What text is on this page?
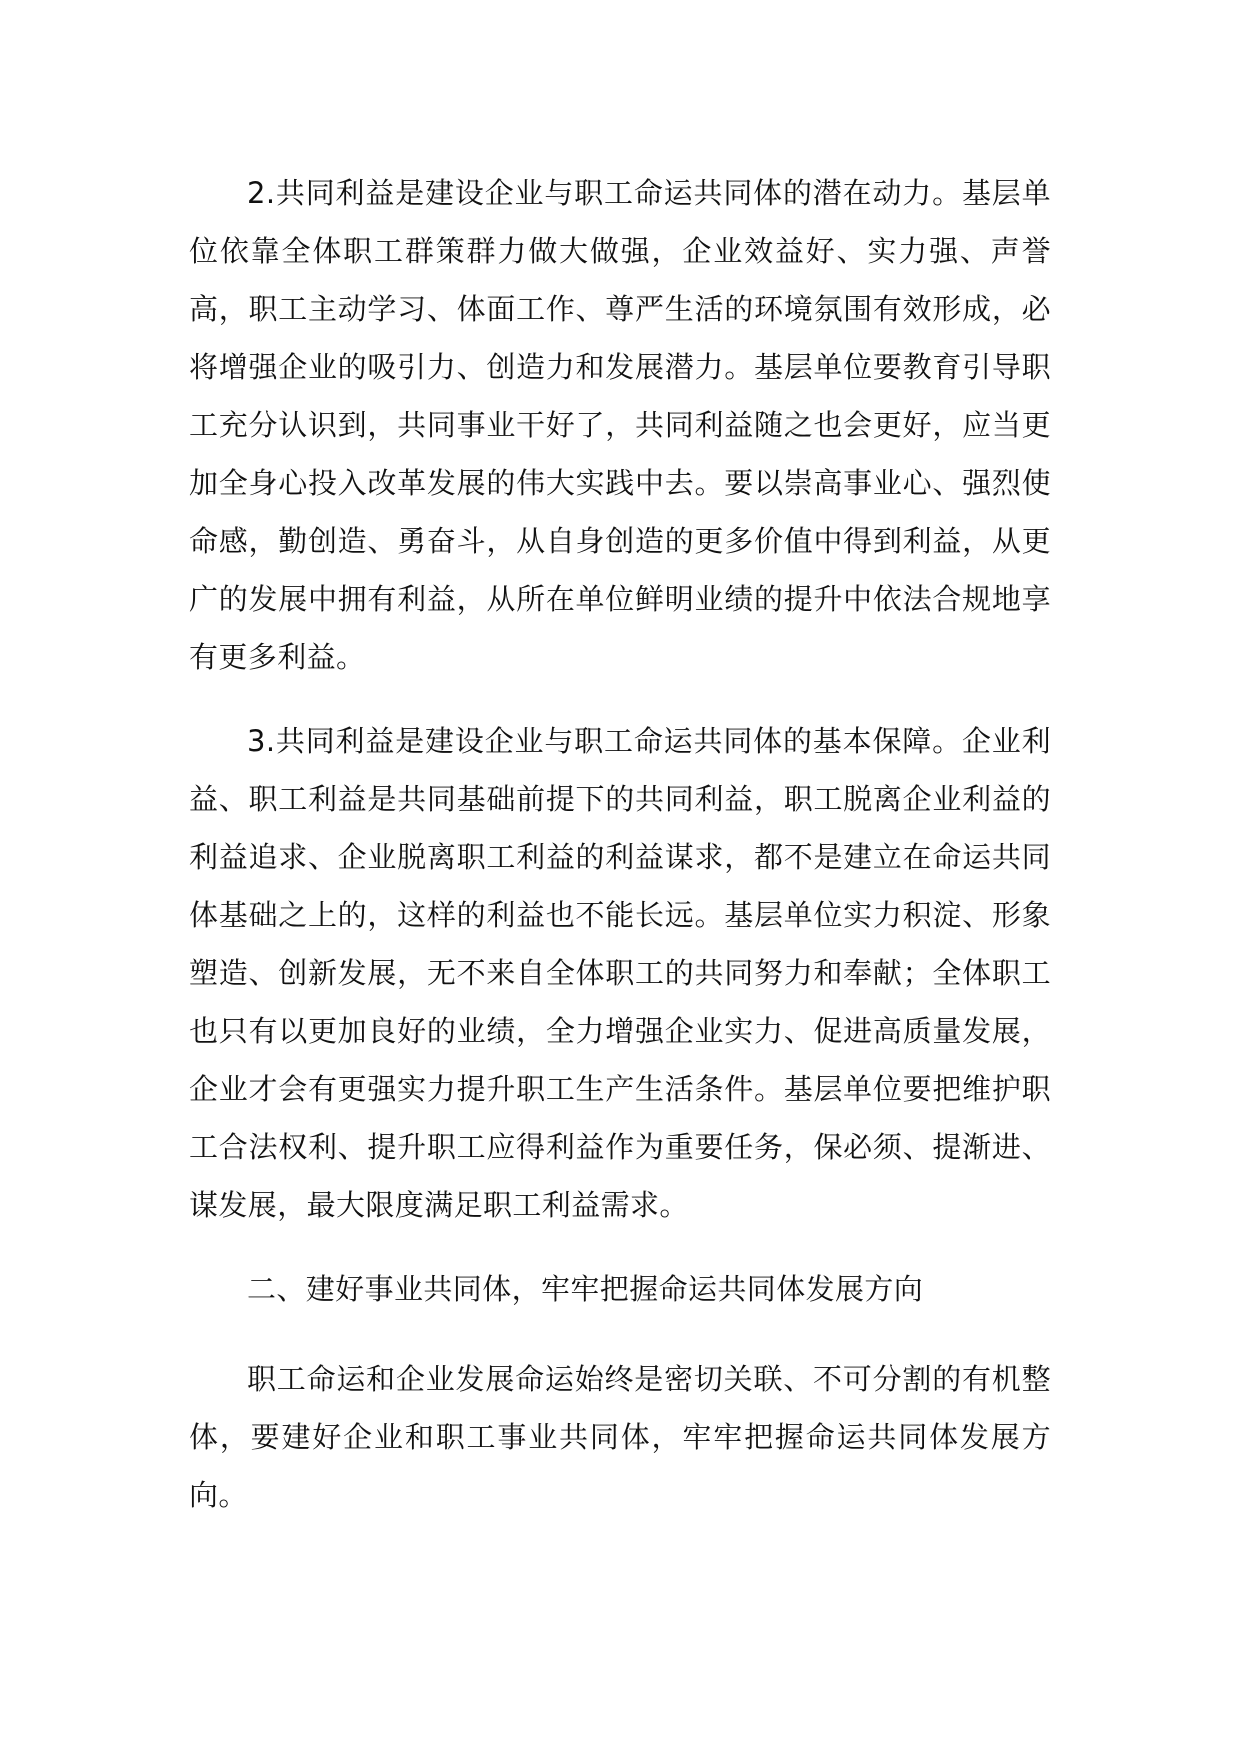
2.共同利益是建设企业与职工命运共同体的潜在动力。基层单位依靠全体职工群策群力做大做强，企业效益好、实力强、声誉高，职工主动学习、体面工作、尊严生活的环境氛围有效形成，必将增强企业的吸引力、创造力和发展潜力。基层单位要教育引导职工充分认识到，共同事业干好了，共同利益随之也会更好，应当更加全身心投入改革发展的伟大实践中去。要以崇高事业心、强烈使命感，勤创造、勇奋斗，从自身创造的更多价值中得到利益，从更广的发展中拥有利益，从所在单位鲜明业绩的提升中依法合规地享有更多利益。

3.共同利益是建设企业与职工命运共同体的基本保障。企业利益、职工利益是共同基础前提下的共同利益，职工脱离企业利益的利益追求、企业脱离职工利益的利益谋求，都不是建立在命运共同体基础之上的，这样的利益也不能长远。基层单位实力积淀、形象塑造、创新发展，无不来自全体职工的共同努力和奉献；全体职工也只有以更加良好的业绩，全力增强企业实力、促进高质量发展，企业才会有更强实力提升职工生产生活条件。基层单位要把维护职工合法权利、提升职工应得利益作为重要任务，保必须、提渐进、谋发展，最大限度满足职工利益需求。

二、建好事业共同体，牢牢把握命运共同体发展方向

职工命运和企业发展命运始终是密切关联、不可分割的有机整体，要建好企业和职工事业共同体，牢牢把握命运共同体发展方向。
